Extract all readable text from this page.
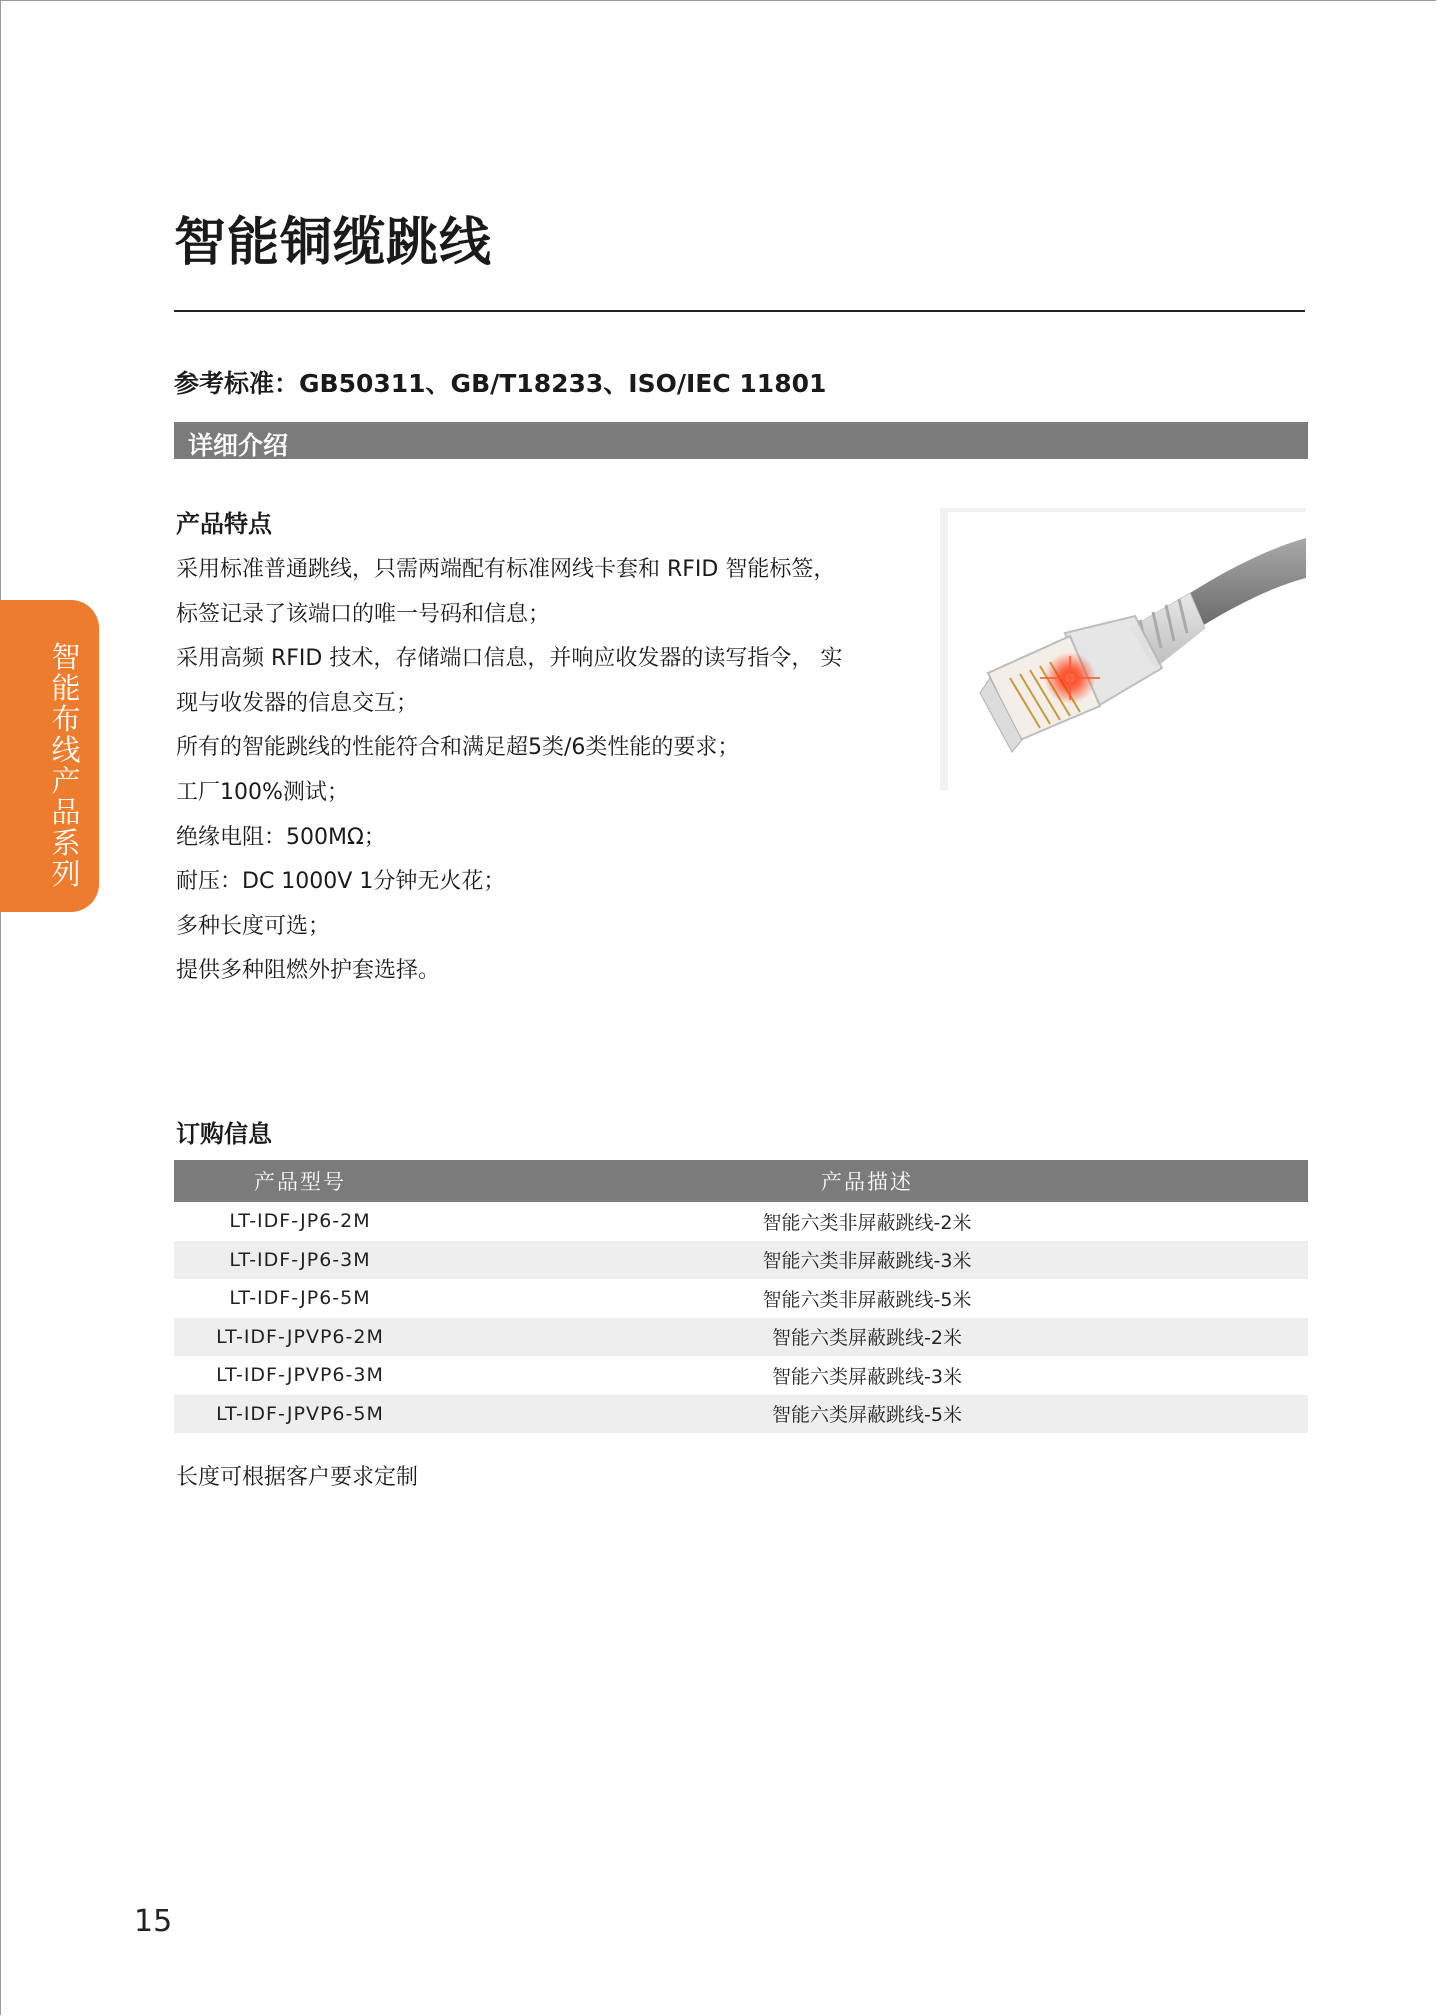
智能铜缆跳线
参考标准：GB50311、GB/T18233、ISO/IEC 11801
详细介绍
产品特点
采用标准普通跳线，只需两端配有标准网线卡套和 RFID 智能标签，
标签记录了该端口的唯一号码和信息；
采用高频 RFID 技术，存储端口信息，并响应收发器的读写指令， 实
现与收发器的信息交互；
所有的智能跳线的性能符合和满足超5类/6类性能的要求；
工厂100%测试；
绝缘电阻：500MΩ；
耐压：DC 1000V 1分钟无火花；
多种长度可选；
提供多种阻燃外护套选择。
智能布线产品系列
订购信息
产品型号	产品描述
LT-IDF-JP6-2M	智能六类非屏蔽跳线-2米
LT-IDF-JP6-3M	智能六类非屏蔽跳线-3米
LT-IDF-JP6-5M	智能六类非屏蔽跳线-5米
LT-IDF-JPVP6-2M	智能六类屏蔽跳线-2米
LT-IDF-JPVP6-3M	智能六类屏蔽跳线-3米
LT-IDF-JPVP6-5M	智能六类屏蔽跳线-5米
长度可根据客户要求定制
15
